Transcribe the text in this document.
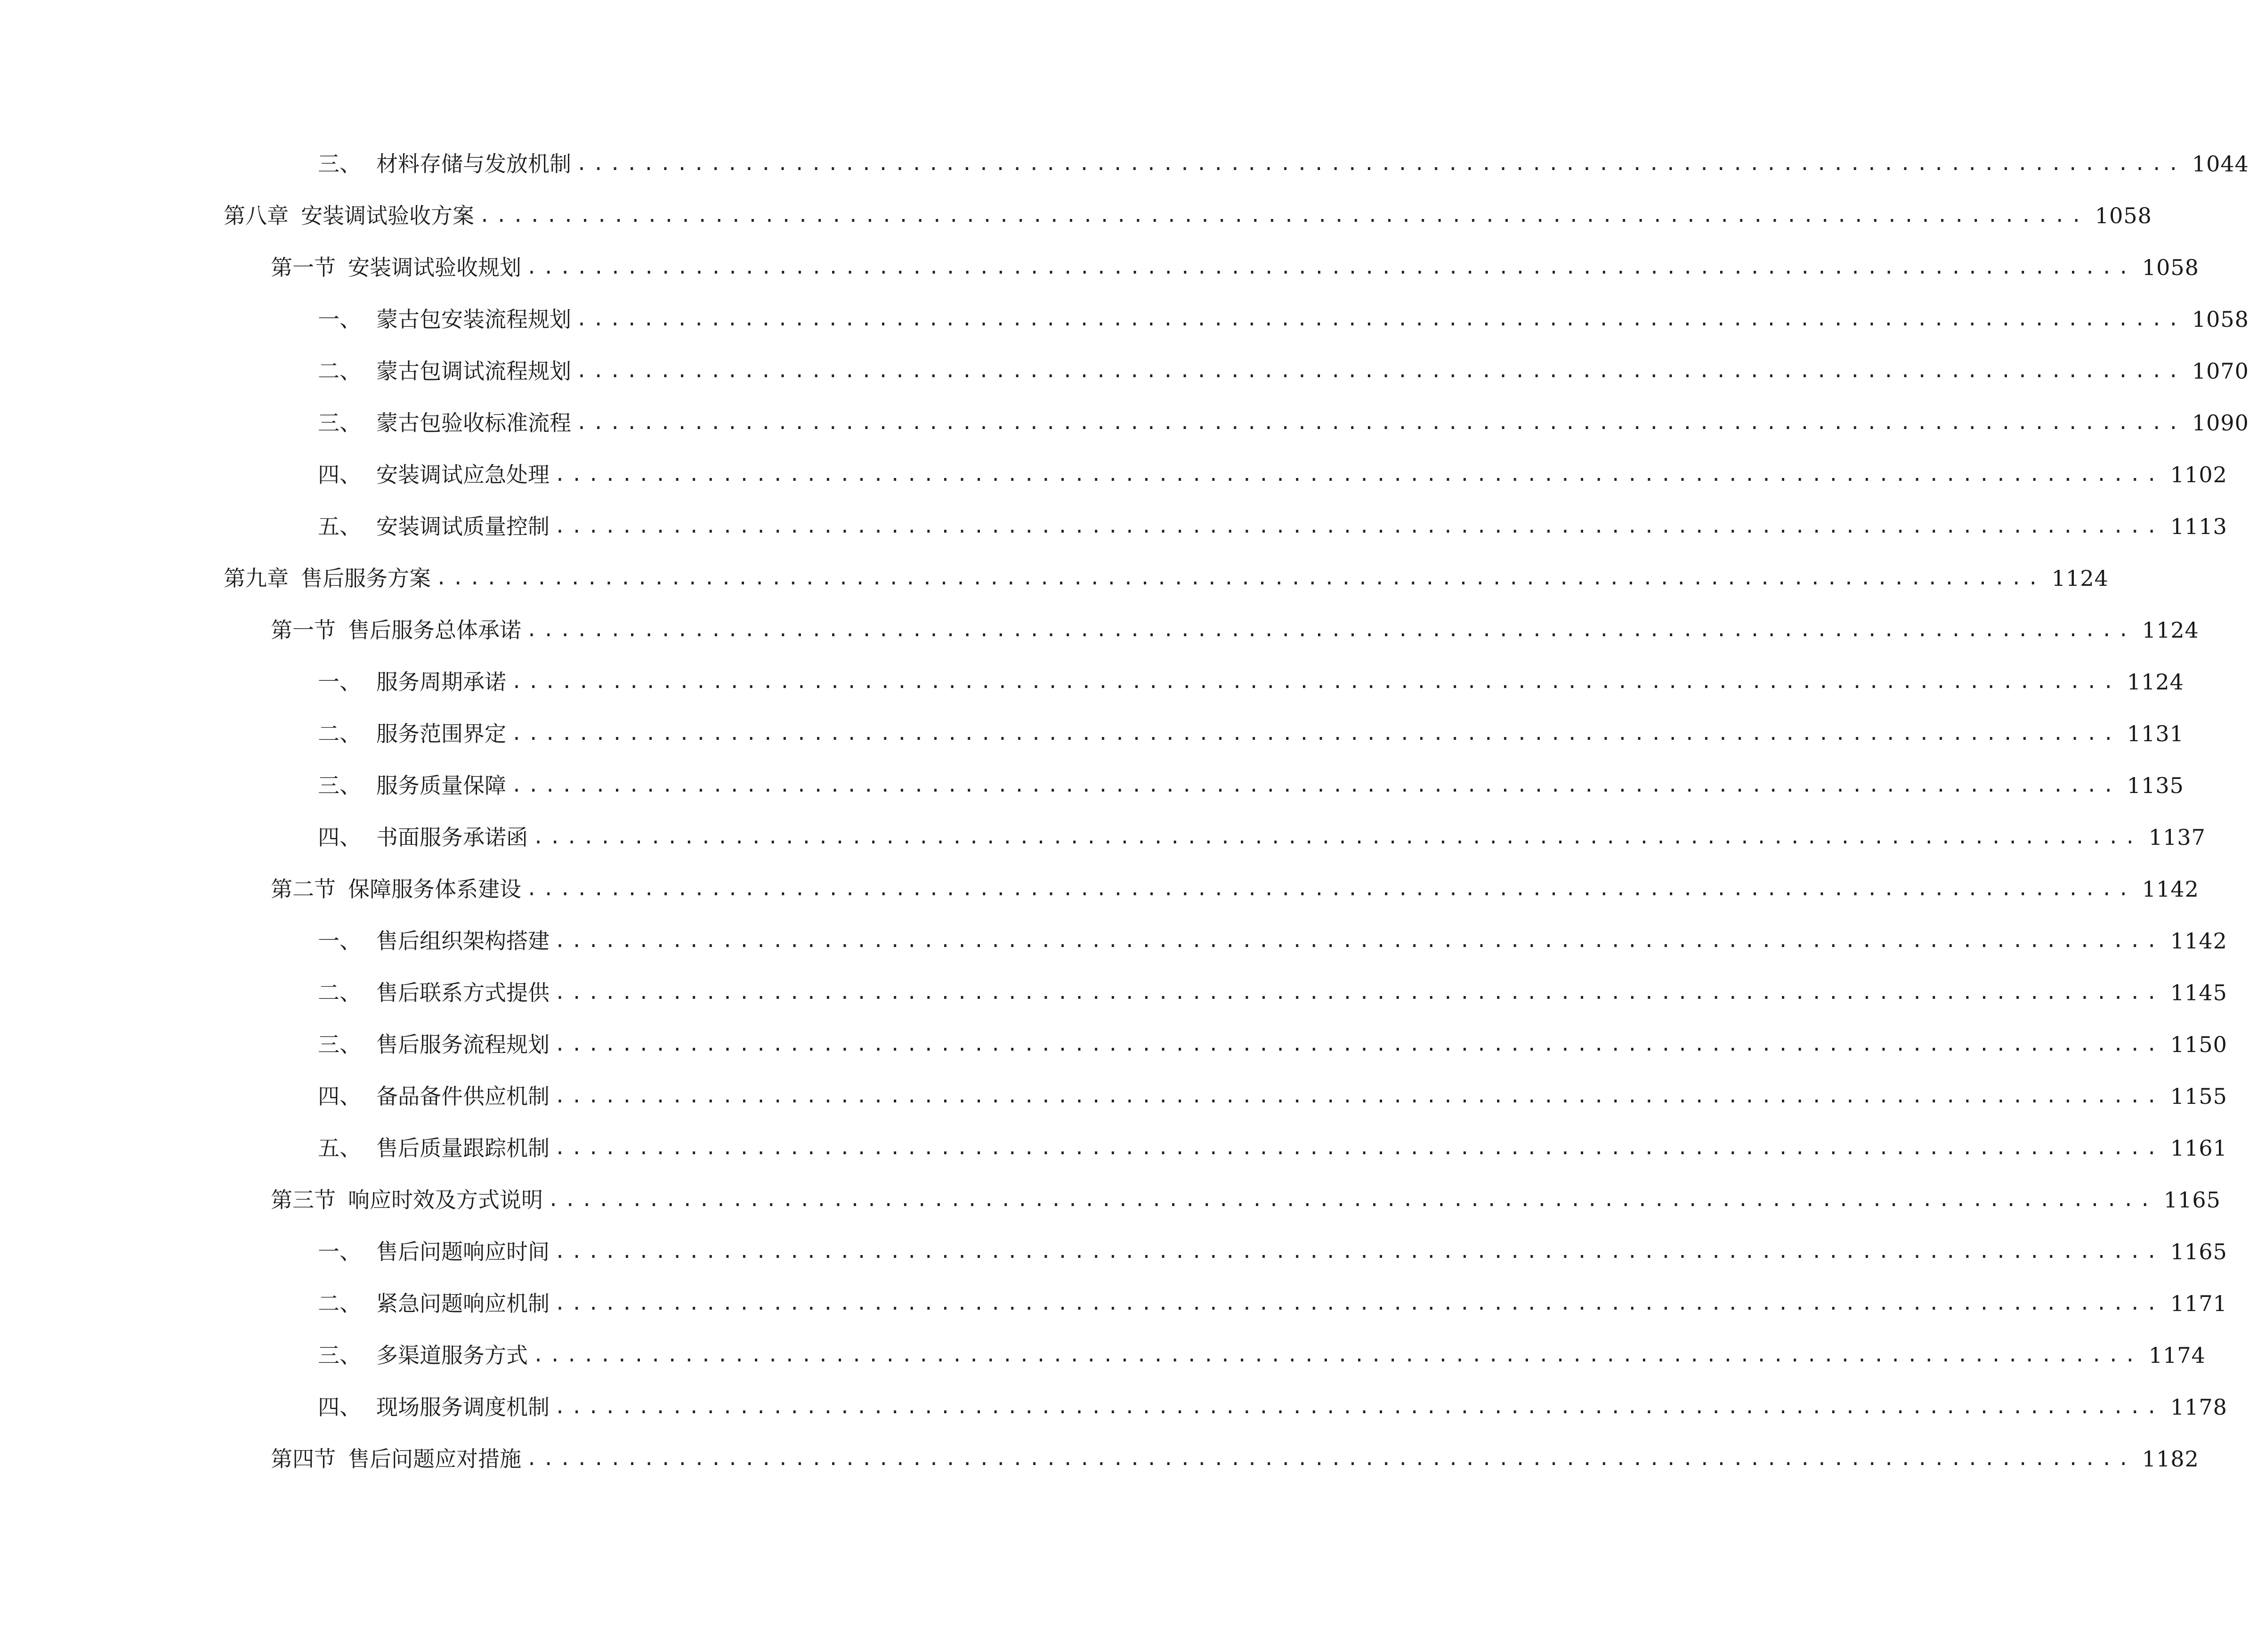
三、 材料存储与发放机制 ................................................................................................ 1044
第八章 安装调试验收方案 ................................................................................................ 1058
第一节 安装调试验收规划 ................................................................................................ 1058
一、 蒙古包安装流程规划 ................................................................................................ 1058
二、 蒙古包调试流程规划 ................................................................................................ 1070
三、 蒙古包验收标准流程 ................................................................................................ 1090
四、 安装调试应急处理 ................................................................................................ 1102
五、 安装调试质量控制 ................................................................................................ 1113
第九章 售后服务方案 ................................................................................................ 1124
第一节 售后服务总体承诺 ................................................................................................ 1124
一、 服务周期承诺 ................................................................................................ 1124
二、 服务范围界定 ................................................................................................ 1131
三、 服务质量保障 ................................................................................................ 1135
四、 书面服务承诺函 ................................................................................................ 1137
第二节 保障服务体系建设 ................................................................................................ 1142
一、 售后组织架构搭建 ................................................................................................ 1142
二、 售后联系方式提供 ................................................................................................ 1145
三、 售后服务流程规划 ................................................................................................ 1150
四、 备品备件供应机制 ................................................................................................ 1155
五、 售后质量跟踪机制 ................................................................................................ 1161
第三节 响应时效及方式说明 ................................................................................................ 1165
一、 售后问题响应时间 ................................................................................................ 1165
二、 紧急问题响应机制 ................................................................................................ 1171
三、 多渠道服务方式 ................................................................................................ 1174
四、 现场服务调度机制 ................................................................................................ 1178
第四节 售后问题应对措施 ................................................................................................ 1182
